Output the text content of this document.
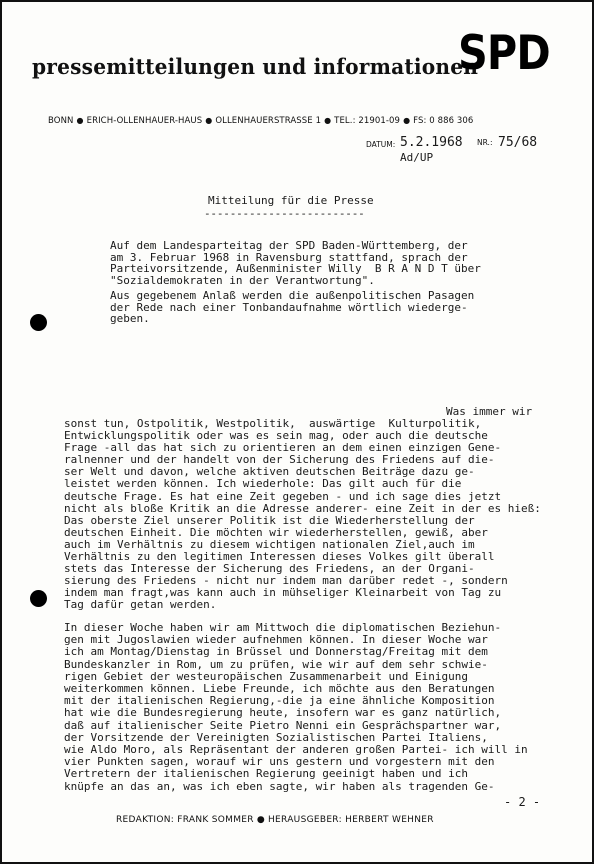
pressemitteilungen und informationen
SPD
BONN ● ERICH-OLLENHAUER-HAUS ● OLLENHAUERSTRASSE 1 ● TEL.: 21901-09 ● FS: 0 886 306
DATUM: 5.2.1968 NR.: 75/68
Ad/UP
Mitteilung für die Presse
-------------------------

Auf dem Landesparteitag der SPD Baden-Württemberg, der
am 3. Februar 1968 in Ravensburg stattfand, sprach der
Parteivorsitzende, Außenminister Willy  B R A N D T über
"Sozialdemokraten in der Verantwortung".

Aus gegebenem Anlaß werden die außenpolitischen Pasagen
der Rede nach einer Tonbandaufnahme wörtlich wiederge-
geben.

Was immer wir

sonst tun, Ostpolitik, Westpolitik,  auswärtige  Kulturpolitik,
Entwicklungspolitik oder was es sein mag, oder auch die deutsche
Frage -all das hat sich zu orientieren an dem einen einzigen Gene-
ralnenner und der handelt von der Sicherung des Friedens auf die-
ser Welt und davon, welche aktiven deutschen Beiträge dazu ge-
leistet werden können. Ich wiederhole: Das gilt auch für die
deutsche Frage. Es hat eine Zeit gegeben - und ich sage dies jetzt
nicht als bloße Kritik an die Adresse anderer- eine Zeit in der es hieß:
Das oberste Ziel unserer Politik ist die Wiederherstellung der
deutschen Einheit. Die möchten wir wiederherstellen, gewiß, aber
auch im Verhältnis zu diesem wichtigen nationalen Ziel,auch im
Verhältnis zu den legitimen Interessen dieses Volkes gilt überall
stets das Interesse der Sicherung des Friedens, an der Organi-
sierung des Friedens - nicht nur indem man darüber redet -, sondern
indem man fragt,was kann auch in mühseliger Kleinarbeit von Tag zu
Tag dafür getan werden.

In dieser Woche haben wir am Mittwoch die diplomatischen Beziehun-
gen mit Jugoslawien wieder aufnehmen können. In dieser Woche war
ich am Montag/Dienstag in Brüssel und Donnerstag/Freitag mit dem
Bundeskanzler in Rom, um zu prüfen, wie wir auf dem sehr schwie-
rigen Gebiet der westeuropäischen Zusammenarbeit und Einigung
weiterkommen können. Liebe Freunde, ich möchte aus den Beratungen
mit der italienischen Regierung,-die ja eine ähnliche Komposition
hat wie die Bundesregierung heute, insofern war es ganz natürlich,
daß auf italienischer Seite Pietro Nenni ein Gesprächspartner war,
der Vorsitzende der Vereinigten Sozialistischen Partei Italiens,
wie Aldo Moro, als Repräsentant der anderen großen Partei- ich will in
vier Punkten sagen, worauf wir uns gestern und vorgestern mit den
Vertretern der italienischen Regierung geeinigt haben und ich
knüpfe an das an, was ich eben sagte, wir haben als tragenden Ge-

- 2 -
REDAKTION: FRANK SOMMER ● HERAUSGEBER: HERBERT WEHNER
